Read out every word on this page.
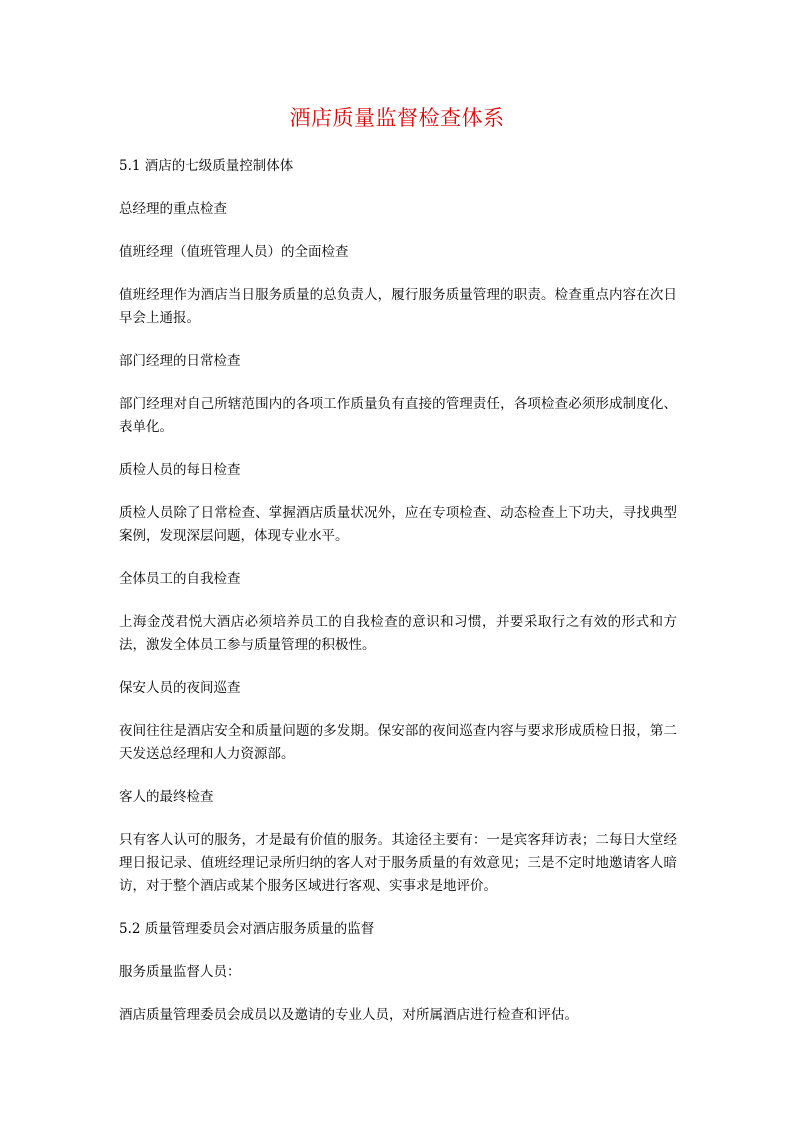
酒店质量监督检查体系

5.1 酒店的七级质量控制体体

总经理的重点检查

值班经理（值班管理人员）的全面检查

值班经理作为酒店当日服务质量的总负责人，履行服务质量管理的职责。检查重点内容在次日早会上通报。

部门经理的日常检查

部门经理对自己所辖范围内的各项工作质量负有直接的管理责任，各项检查必须形成制度化、表单化。

质检人员的每日检查

质检人员除了日常检查、掌握酒店质量状况外，应在专项检查、动态检查上下功夫，寻找典型案例，发现深层问题，体现专业水平。

全体员工的自我检查

上海金茂君悦大酒店必须培养员工的自我检查的意识和习惯，并要采取行之有效的形式和方法，激发全体员工参与质量管理的积极性。

保安人员的夜间巡查

夜间往往是酒店安全和质量问题的多发期。保安部的夜间巡查内容与要求形成质检日报，第二天发送总经理和人力资源部。

客人的最终检查

只有客人认可的服务，才是最有价值的服务。其途径主要有：一是宾客拜访表；二每日大堂经理日报记录、值班经理记录所归纳的客人对于服务质量的有效意见；三是不定时地邀请客人暗访，对于整个酒店或某个服务区域进行客观、实事求是地评价。

5.2 质量管理委员会对酒店服务质量的监督

服务质量监督人员：

酒店质量管理委员会成员以及邀请的专业人员，对所属酒店进行检查和评估。
